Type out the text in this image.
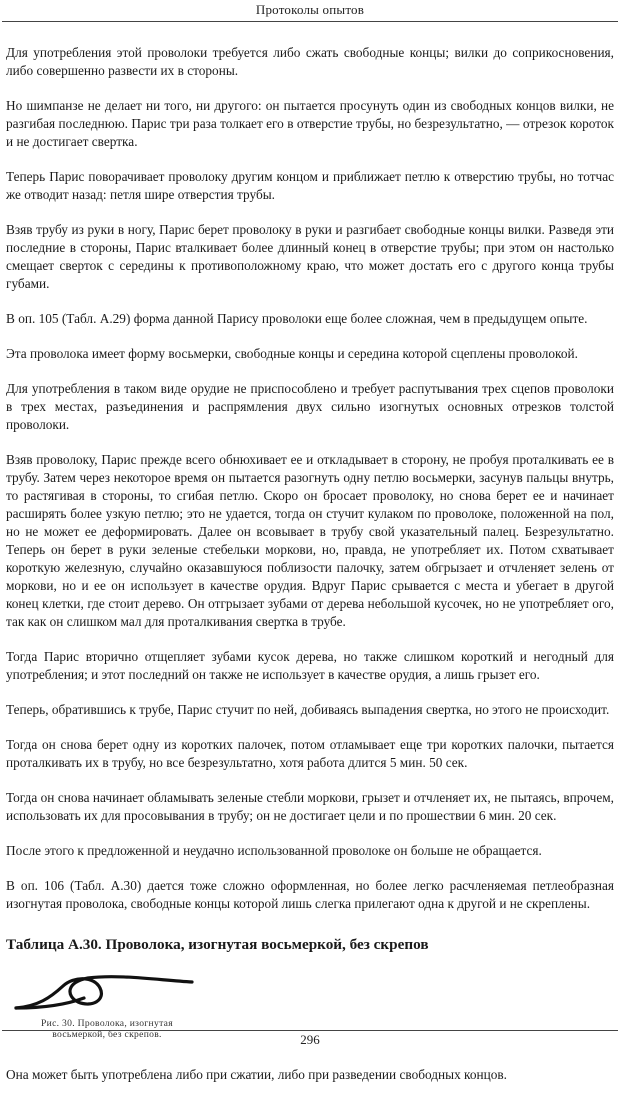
Протоколы опытов

Для употребления этой проволоки требуется либо сжать свободные концы; вилки до соприкосновения, либо совершенно развести их в стороны.

Но шимпанзе не делает ни того, ни другого: он пытается просунуть один из свободных концов вилки, не разгибая последнюю. Парис три раза толкает его в отверстие трубы, но безрезультатно, — отрезок короток и не достигает свертка.

Теперь Парис поворачивает проволоку другим концом и приближает петлю к отверстию трубы, но тотчас же отводит назад: петля шире отверстия трубы.

Взяв трубу из руки в ногу, Парис берет проволоку в руки и разгибает свободные концы вилки. Разведя эти последние в стороны, Парис вталкивает более длинный конец в отверстие трубы; при этом он настолько смещает сверток с середины к противоположному краю, что может достать его с другого конца трубы губами.

В оп. 105 (Табл. А.29) форма данной Парису проволоки еще более сложная, чем в предыдущем опыте.

Эта проволока имеет форму восьмерки, свободные концы и середина которой сцеплены проволокой.

Для употребления в таком виде орудие не приспособлено и требует распутывания трех сцепов проволоки в трех местах, разъединения и распрямления двух сильно изогнутых основных отрезков толстой проволоки.

Взяв проволоку, Парис прежде всего обнюхивает ее и откладывает в сторону, не пробуя проталкивать ее в трубу. Затем через некоторое время он пытается разогнуть одну петлю восьмерки, засунув пальцы внутрь, то растягивая в стороны, то сгибая петлю. Скоро он бросает проволоку, но снова берет ее и начинает расширять более узкую петлю; это не удается, тогда он стучит кулаком по проволоке, положенной на пол, но не может ее деформировать. Далее он всовывает в трубу свой указательный палец. Безрезультатно. Теперь он берет в руки зеленые стебельки моркови, но, правда, не употребляет их. Потом схватывает короткую железную, случайно оказавшуюся поблизости палочку, затем обгрызает и отчленяет зелень от моркови, но и ее он использует в качестве орудия. Вдруг Парис срывается с места и убегает в другой конец клетки, где стоит дерево. Он отгрызает зубами от дерева небольшой кусочек, но не употребляет ого, так как он слишком мал для проталкивания свертка в трубе.

Тогда Парис вторично отщепляет зубами кусок дерева, но также слишком короткий и негодный для употребления; и этот последний он также не использует в качестве орудия, а лишь грызет его.

Теперь, обратившись к трубе, Парис стучит по ней, добиваясь выпадения свертка, но этого не происходит.

Тогда он снова берет одну из коротких палочек, потом отламывает еще три коротких палочки, пытается проталкивать их в трубу, но все безрезультатно, хотя работа длится 5 мин. 50 сек.

Тогда он снова начинает обламывать зеленые стебли моркови, грызет и отчленяет их, не пытаясь, впрочем, использовать их для просовывания в трубу; он не достигает цели и по прошествии 6 мин. 20 сек.

После этого к предложенной и неудачно использованной проволоке он больше не обращается.

В оп. 106 (Табл. А.30) дается тоже сложно оформленная, но более легко расчленяемая петлеобразная изогнутая проволока, свободные концы которой лишь слегка прилегают одна к другой и не скреплены.

Таблица А.30. Проволока, изогнутая восьмеркой, без скрепов
Рис. 30. Проволока, изогнутая
восьмеркой, без скрепов.

Она может быть употреблена либо при сжатии, либо при разведении свободных концов.

296
